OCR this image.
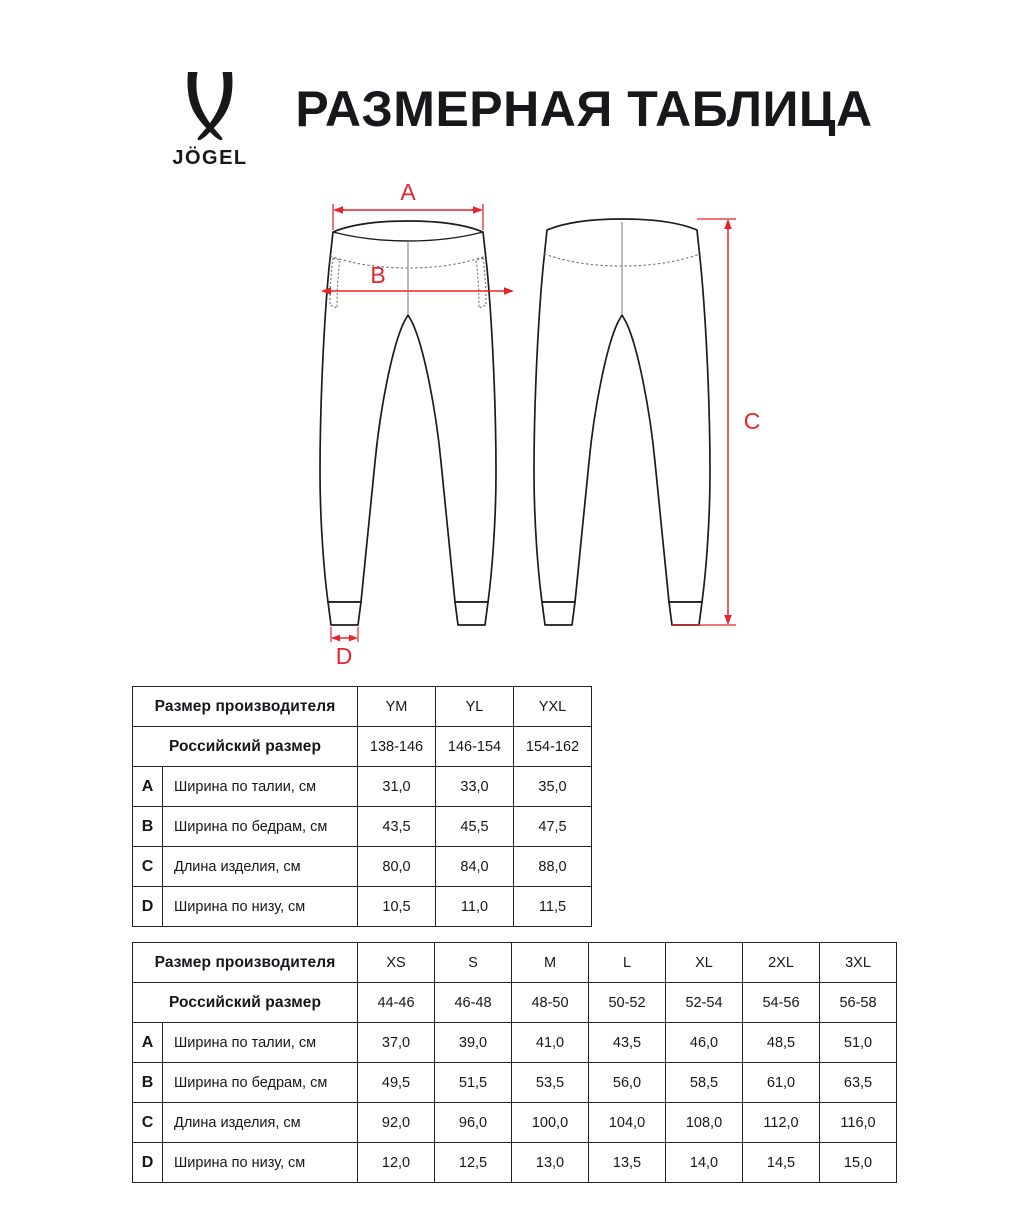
JÖGEL
РАЗМЕРНАЯ ТАБЛИЦА
A
B
D
C
Размер производителя		YM	YL	YXL
Российский размер		138-146	146-154	154-162
A	Ширина по талии, см	31,0	33,0	35,0
B	Ширина по бедрам, см	43,5	45,5	47,5
C	Длина изделия, см	80,0	84,0	88,0
D	Ширина по низу, см	10,5	11,0	11,5
Размер производителя		XS	S	M	L	XL	2XL	3XL
Российский размер		44-46	46-48	48-50	50-52	52-54	54-56	56-58
A	Ширина по талии, см	37,0	39,0	41,0	43,5	46,0	48,5	51,0
B	Ширина по бедрам, см	49,5	51,5	53,5	56,0	58,5	61,0	63,5
C	Длина изделия, см	92,0	96,0	100,0	104,0	108,0	112,0	116,0
D	Ширина по низу, см	12,0	12,5	13,0	13,5	14,0	14,5	15,0
